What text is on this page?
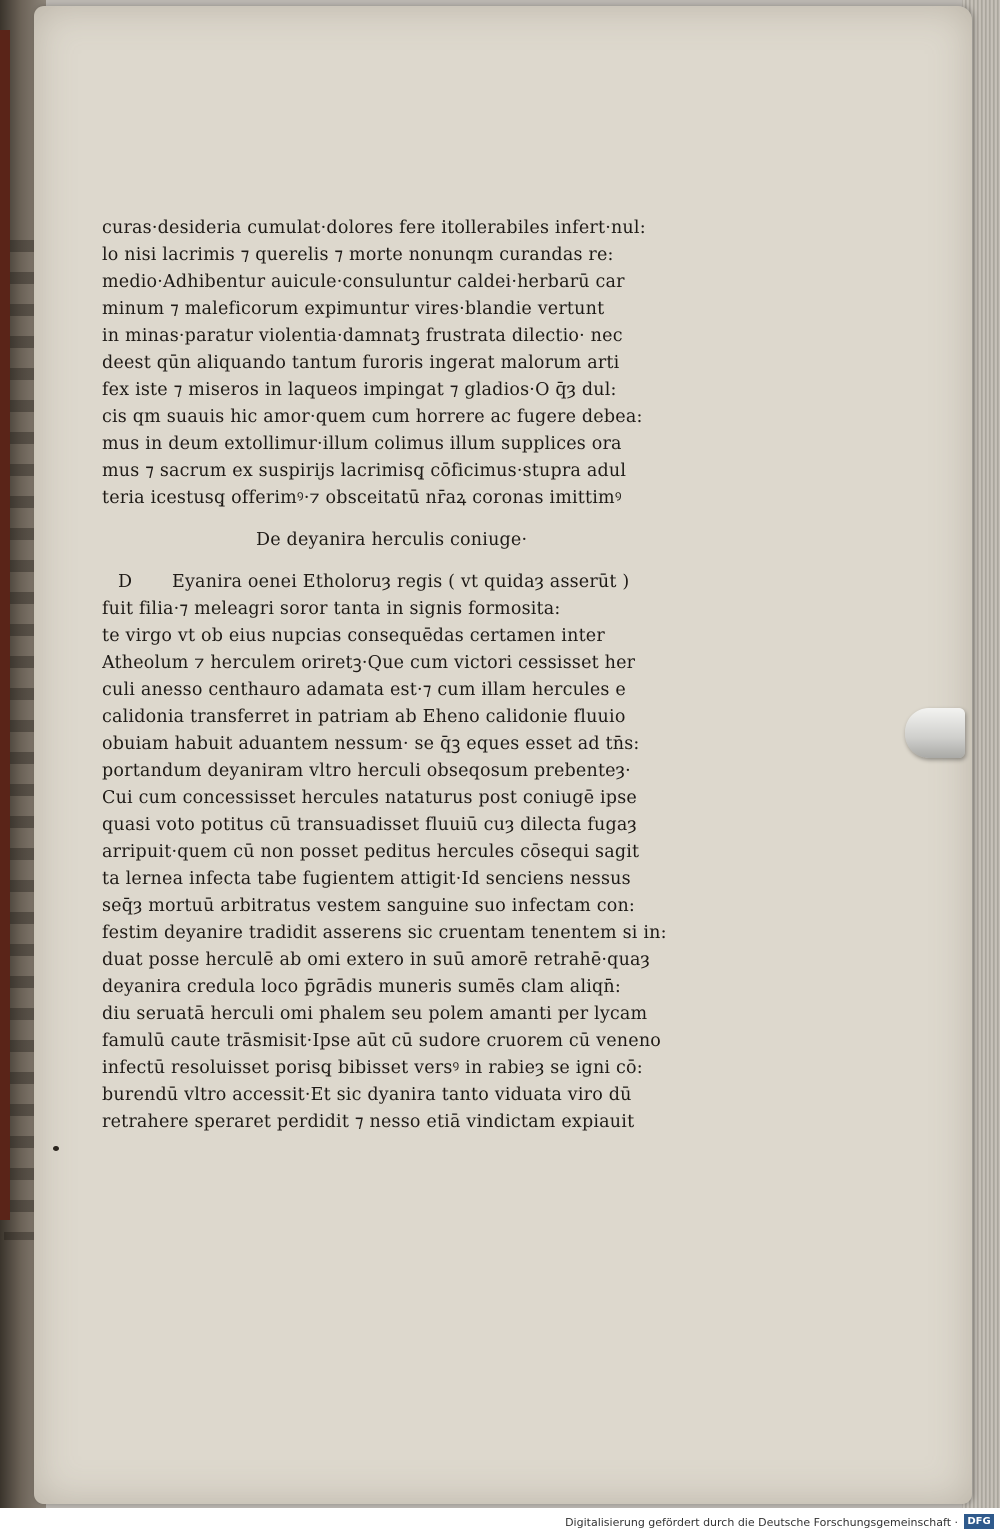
curas·desideria cumulat·dolores fere itollerabiles infert·nul:
lo nisi lacrimis ⁊ querelis ⁊ morte nonunqm curandas re:
medio·Adhibentur auicule·consuluntur caldei·herbarū car
minum ⁊ maleficorum expimuntur vires·blandie vertunt
in minas·paratur violentia·damnatꝫ frustrata dilectio· nec
deest qūn aliquando tantum furoris ingerat malorum arti
fex iste ⁊ miseros in laqueos impingat ⁊ gladios·O q̄ȝ dul:
cis qm suauis hic amor·quem cum horrere ac fugere debea:
mus in deum extollimur·illum colimus illum supplices ora
mus ⁊ sacrum ex suspirijs lacrimisq̧ cōficimus·stupra adul
teria icestusq̧ offerimꝰ·⁊ obsceitatū nr̄aꝝ coronas imittimꝰ
De deyanira herculis coniuge·
D Eyanira oenei Etholoruȝ regis ( vt quidaȝ asserūt )
fuit filia·⁊ meleagri soror tanta in signis formosita:
te virgo vt ob eius nupcias consequēdas certamen inter
Atheolum ⁊ herculem oriretꝫ·Que cum victori cessisset her
culi anesso centhauro adamata est·⁊ cum illam hercules e
calidonia transferret in patriam ab Eheno calidonie fluuio
obuiam habuit aduantem nessum· se q̄ꝫ eques esset ad tn̄s:
portandum deyaniram vltro herculi obseqosum prebenteȝ·
Cui cum concessisset hercules nataturus post coniugē ipse
quasi voto potitus cū transuadisset fluuiū cuȝ dilecta fugaȝ
arripuit·quem cū non posset peditus hercules cōsequi sagit
ta lernea infecta tabe fugientem attigit·Id senciens nessus
seq̄ȝ mortuū arbitratus vestem sanguine suo infectam con:
festim deyanire tradidit asserens sic cruentam tenentem si in:
duat posse herculē ab omi extero in suū amorē retrahē·quaȝ
deyanira credula loco p̄grādis muneris sumēs clam aliqn̄:
diu seruatā herculi omi phalem seu polem amanti per lycam
famulū caute trāsmisit·Ipse aūt cū sudore cruorem cū veneno
infectū resoluisset porisq̧ bibisset versꝰ in rabieȝ se igni cō:
burendū vltro accessit·Et sic dyanira tanto viduata viro dū
retrahere speraret perdidit ⁊ nesso etiā vindictam expiauit
Digitalisierung gefördert durch die Deutsche Forschungsgemeinschaft · DFG
